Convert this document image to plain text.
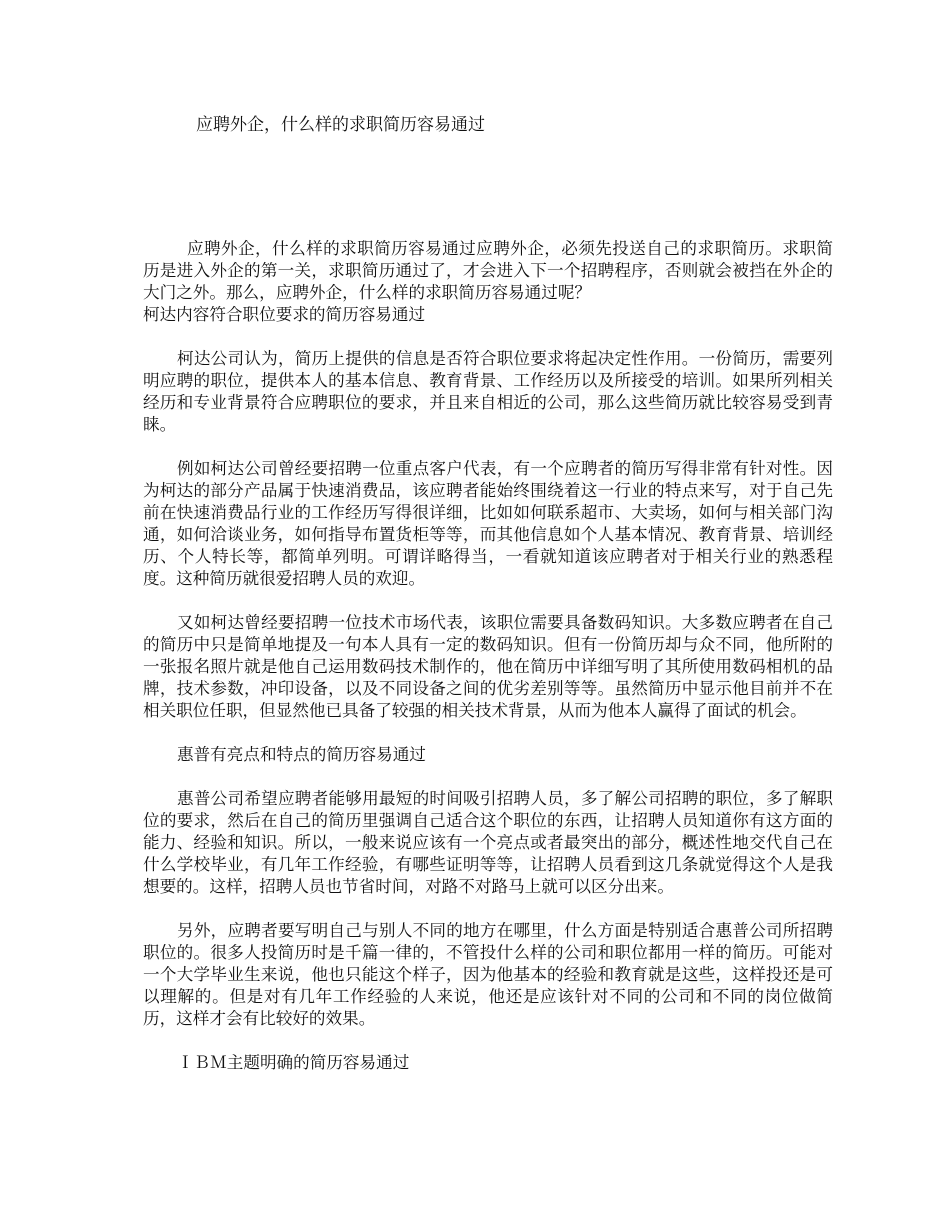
应聘外企，什么样的求职简历容易通过

应聘外企，什么样的求职简历容易通过应聘外企，必须先投送自己的求职简历。求职简历是进入外企的第一关，求职简历通过了，才会进入下一个招聘程序，否则就会被挡在外企的大门之外。那么，应聘外企，什么样的求职简历容易通过呢？

柯达内容符合职位要求的简历容易通过

柯达公司认为，简历上提供的信息是否符合职位要求将起决定性作用。一份简历，需要列明应聘的职位，提供本人的基本信息、教育背景、工作经历以及所接受的培训。如果所列相关经历和专业背景符合应聘职位的要求，并且来自相近的公司，那么这些简历就比较容易受到青睐。

例如柯达公司曾经要招聘一位重点客户代表，有一个应聘者的简历写得非常有针对性。因为柯达的部分产品属于快速消费品，该应聘者能始终围绕着这一行业的特点来写，对于自己先前在快速消费品行业的工作经历写得很详细，比如如何联系超市、大卖场，如何与相关部门沟通，如何洽谈业务，如何指导布置货柜等等，而其他信息如个人基本情况、教育背景、培训经历、个人特长等，都简单列明。可谓详略得当，一看就知道该应聘者对于相关行业的熟悉程度。这种简历就很爱招聘人员的欢迎。

又如柯达曾经要招聘一位技术市场代表，该职位需要具备数码知识。大多数应聘者在自己的简历中只是简单地提及一句本人具有一定的数码知识。但有一份简历却与众不同，他所附的一张报名照片就是他自己运用数码技术制作的，他在简历中详细写明了其所使用数码相机的品牌，技术参数，冲印设备，以及不同设备之间的优劣差别等等。虽然简历中显示他目前并不在相关职位任职，但显然他已具备了较强的相关技术背景，从而为他本人赢得了面试的机会。

惠普有亮点和特点的简历容易通过

惠普公司希望应聘者能够用最短的时间吸引招聘人员，多了解公司招聘的职位，多了解职位的要求，然后在自己的简历里强调自己适合这个职位的东西，让招聘人员知道你有这方面的能力、经验和知识。所以，一般来说应该有一个亮点或者最突出的部分，概述性地交代自己在什么学校毕业，有几年工作经验，有哪些证明等等，让招聘人员看到这几条就觉得这个人是我想要的。这样，招聘人员也节省时间，对路不对路马上就可以区分出来。

另外，应聘者要写明自己与别人不同的地方在哪里，什么方面是特别适合惠普公司所招聘职位的。很多人投简历时是千篇一律的，不管投什么样的公司和职位都用一样的简历。可能对一个大学毕业生来说，他也只能这个样子，因为他基本的经验和教育就是这些，这样投还是可以理解的。但是对有几年工作经验的人来说，他还是应该针对不同的公司和不同的岗位做简历，这样才会有比较好的效果。

ＩＢＭ主题明确的简历容易通过
